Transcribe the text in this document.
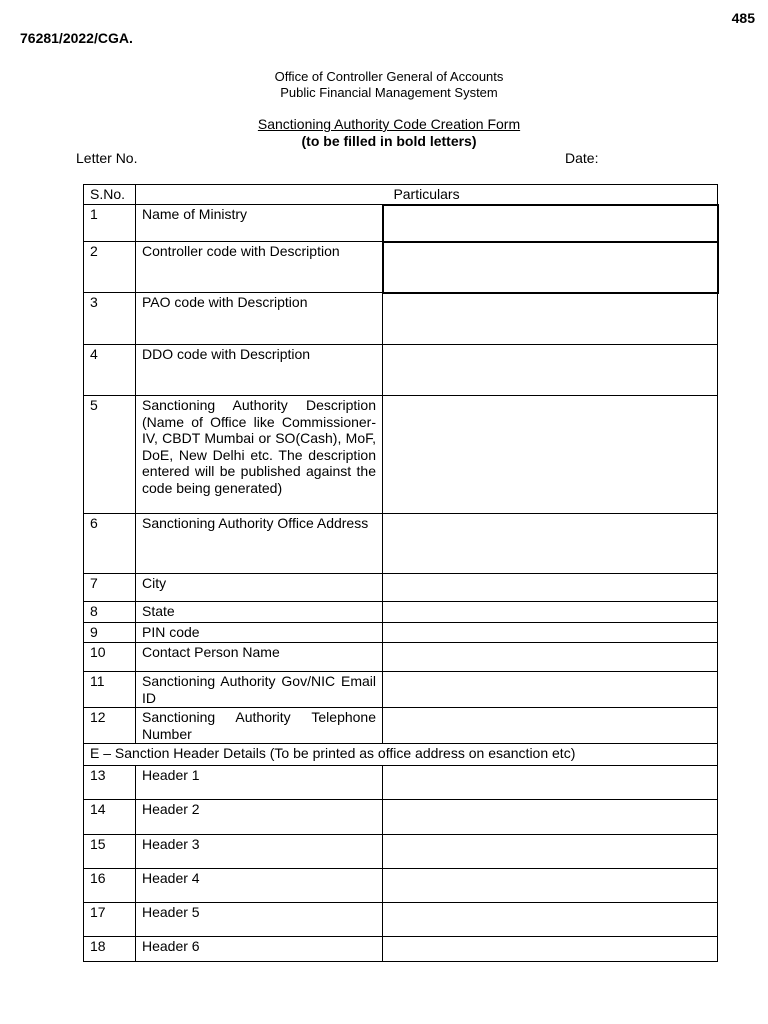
485
76281/2022/CGA.
Office of Controller General of Accounts
Public Financial Management System
Sanctioning Authority Code Creation Form
(to be filled in bold letters)
Letter No.	Date:
S.No.	Particulars	
1	Name of Ministry	
2	Controller code with Description	
3	PAO code with Description	
4	DDO code with Description	
5	Sanctioning Authority Description (Name of Office like Commissioner-IV, CBDT Mumbai or SO(Cash), MoF, DoE, New Delhi etc. The description entered will be published against the code being generated)	
6	Sanctioning Authority Office Address	
7	City	
8	State	
9	PIN code	
10	Contact Person Name	
11	Sanctioning Authority Gov/NIC Email ID	
12	Sanctioning Authority Telephone Number	
E – Sanction Header Details (To be printed as office address on esanction etc)		
13	Header 1	
14	Header 2	
15	Header 3	
16	Header 4	
17	Header 5	
18	Header 6	
